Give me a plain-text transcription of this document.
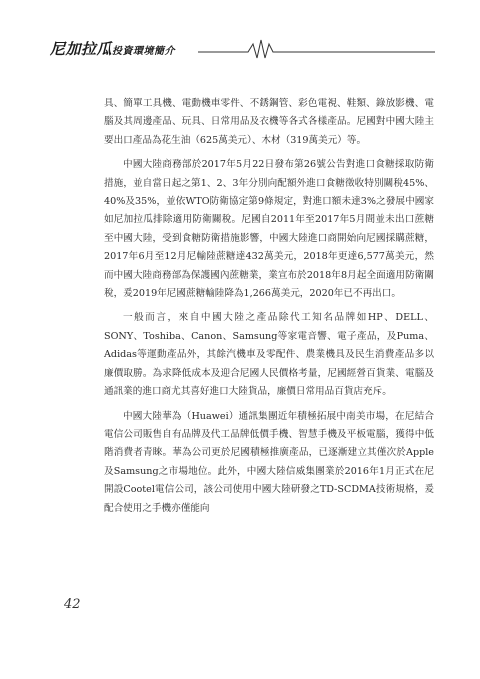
尼加拉瓜投資環境簡介

具、簡單工具機、電動機車零件、不銹鋼管、彩色電視、鞋類、錄放影機、電腦及其周邊產品、玩具、日常用品及衣機等各式各樣產品。尼國對中國大陸主要出口產品為花生油（625萬美元）、木材（319萬美元）等。

中國大陸商務部於2017年5月22日發布第26號公告對進口食糖採取防衛措施，並自當日起之第1、2、3年分別向配額外進口食糖徵收特別關稅45%、40%及35%，並依WTO防衛協定第9條規定，對進口額未達3%之發展中國家如尼加拉瓜排除適用防衛關稅。尼國自2011年至2017年5月間並未出口蔗糖至中國大陸，受到食糖防衛措施影響，中國大陸進口商開始向尼國採購蔗糖，2017年6月至12月尼輸陸蔗糖達432萬美元，2018年更達6,577萬美元，然而中國大陸商務部為保護國內蔗糖業，業宣布於2018年8月起全面適用防衛關稅，爰2019年尼國蔗糖輸陸降為1,266萬美元，2020年已不再出口。

一般而言，來自中國大陸之產品除代工知名品牌如HP、DELL、SONY、Toshiba、Canon、Samsung等家電音響、電子產品，及Puma、Adidas等運動產品外，其餘汽機車及零配件、農業機具及民生消費產品多以廉價取勝。為求降低成本及迎合尼國人民價格考量，尼國經營百貨業、電腦及通訊業的進口商尤其喜好進口大陸貨品，廉價日常用品百貨店充斥。

中國大陸華為（Huawei）通訊集團近年積極拓展中南美市場，在尼結合電信公司販售自有品牌及代工品牌低價手機、智慧手機及平板電腦，獲得中低階消費者青睞。華為公司更於尼國積極推廣產品，已逐漸建立其僅次於Apple及Samsung之市場地位。此外，中國大陸信威集團業於2016年1月正式在尼開設Cootel電信公司，該公司使用中國大陸研發之TD-SCDMA技術規格，爰配合使用之手機亦僅能向

42
